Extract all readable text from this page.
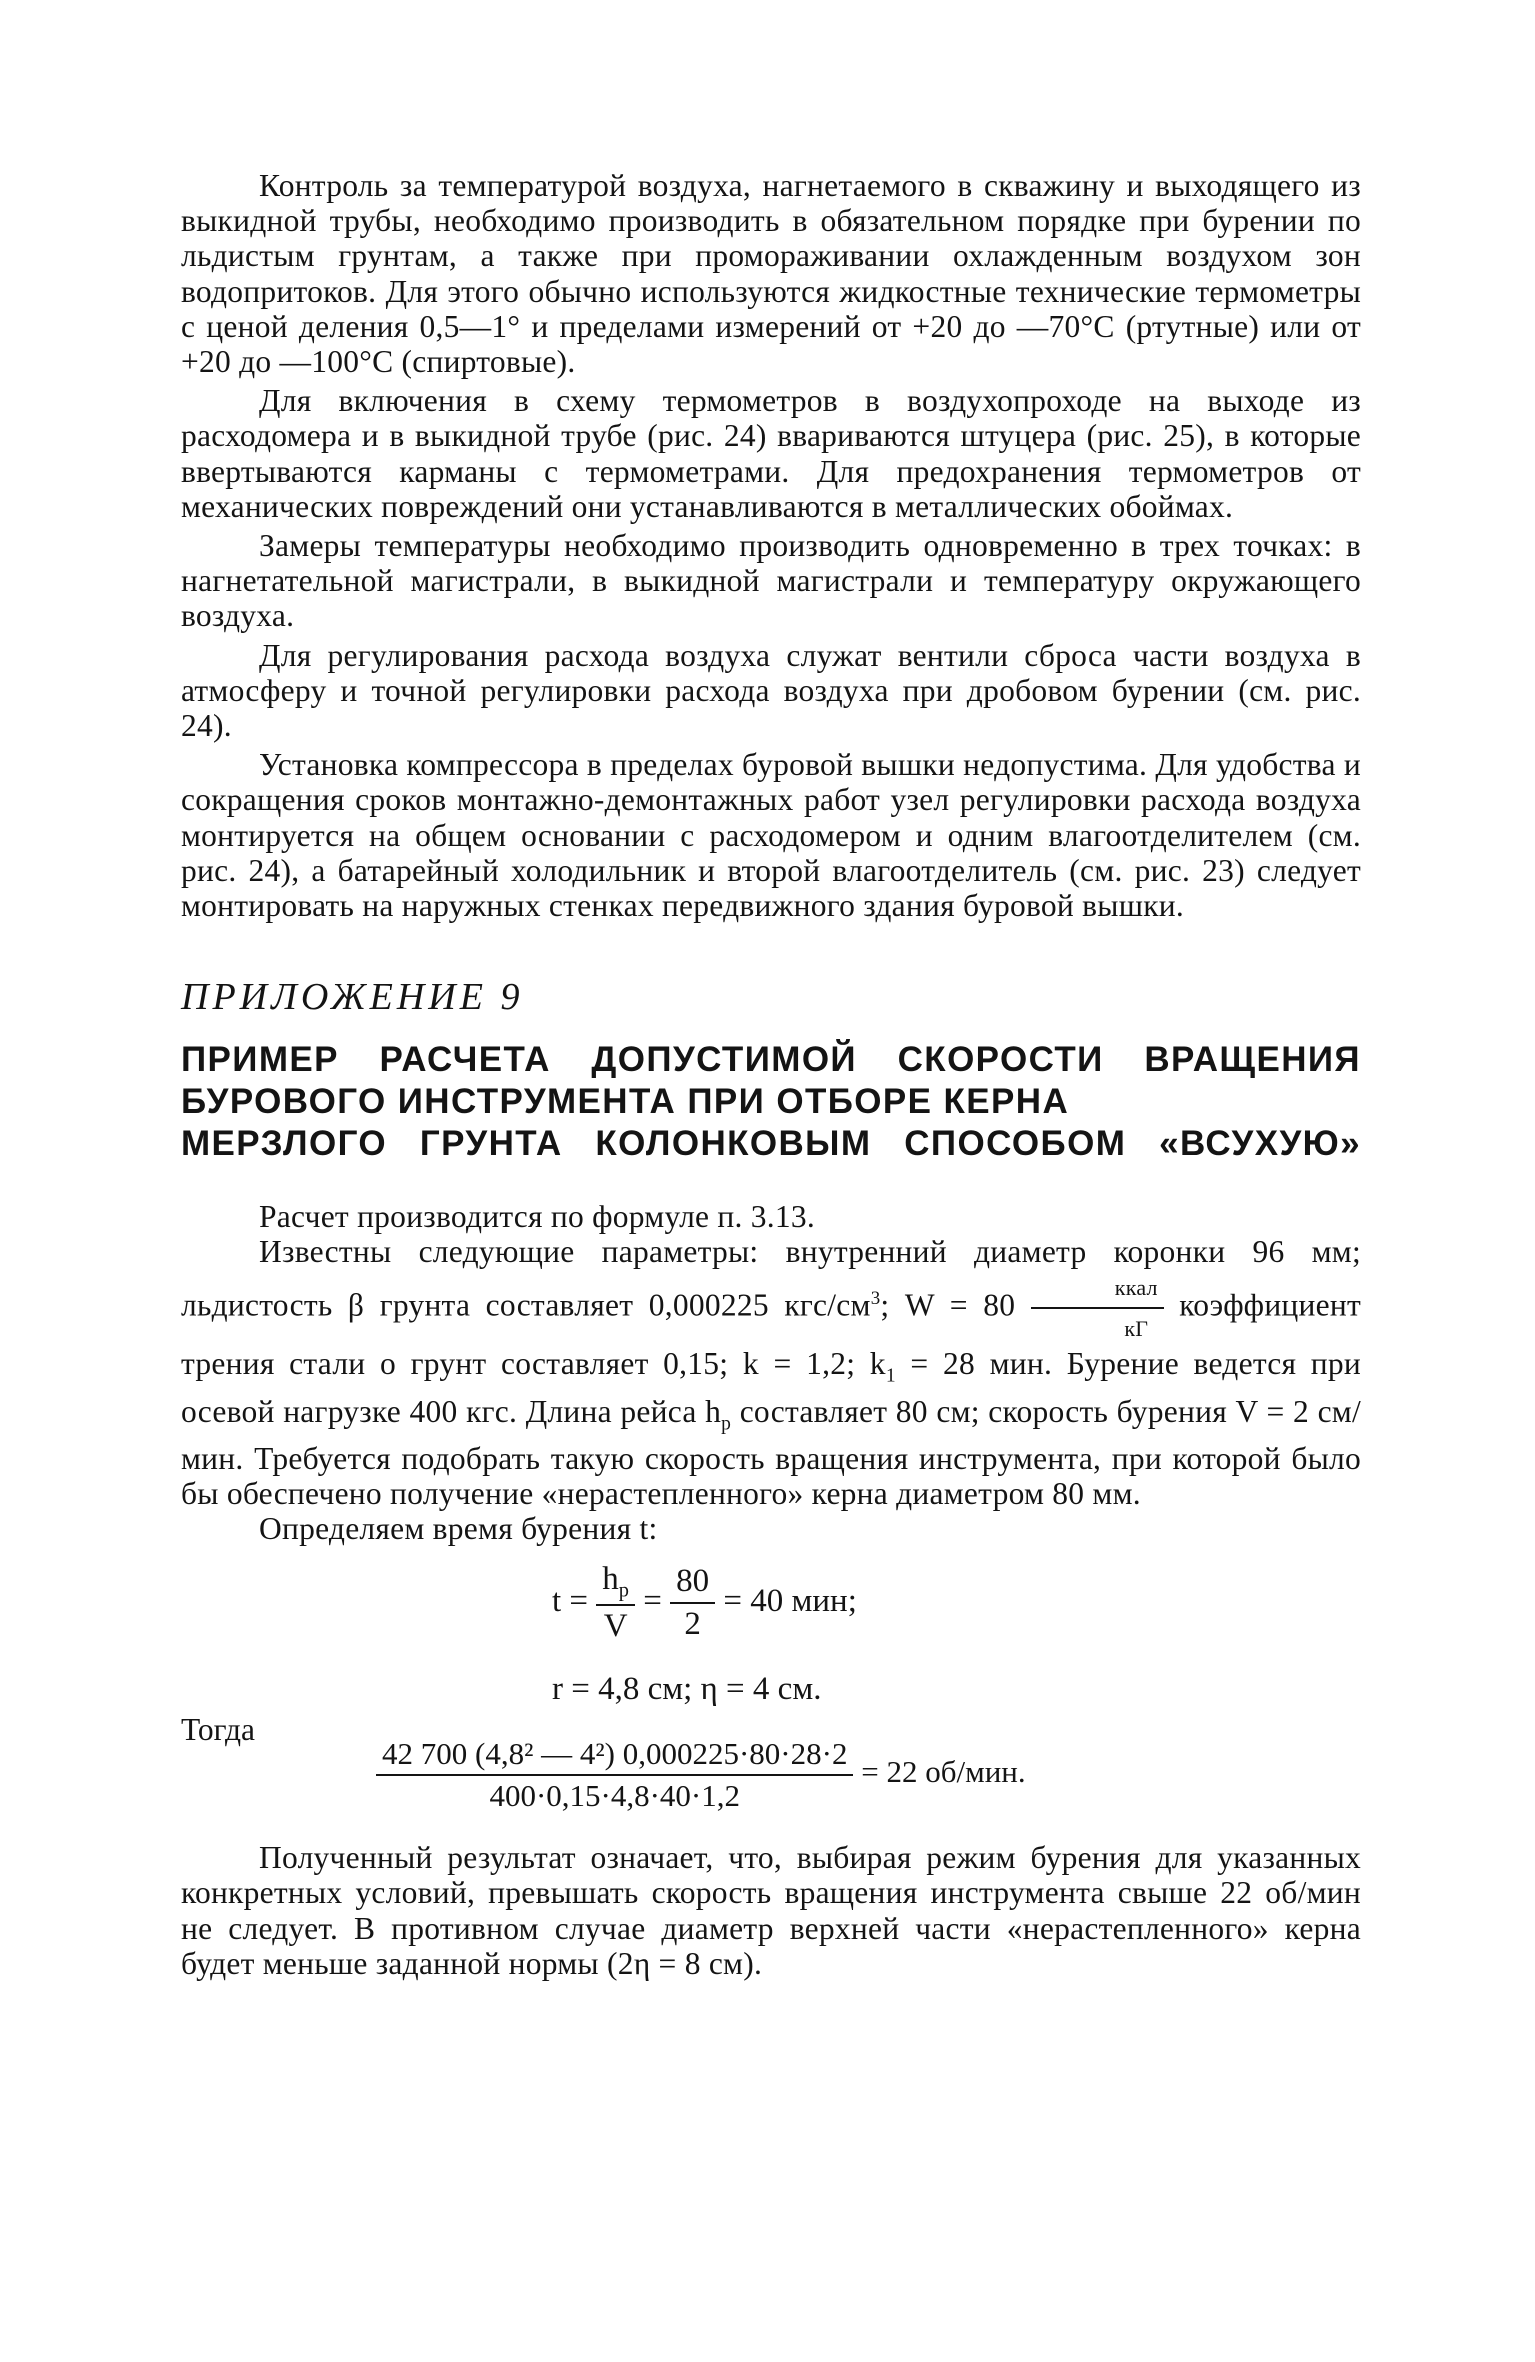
Контроль за температурой воздуха, нагнетаемого в скважину и выходящего из выкидной трубы, необходимо производить в обязательном порядке при бурении по льдистым грунтам, а также при промораживании охлажденным воздухом зон водопритоков. Для этого обычно используются жидкостные технические термометры с ценой деления 0,5—1° и пределами измерений от +20 до —70°С (ртутные) или от +20 до —100°С (спиртовые).

Для включения в схему термометров в воздухопроходе на выходе из расходомера и в выкидной трубе (рис. 24) ввариваются штуцера (рис. 25), в которые ввертываются карманы с термометрами. Для предохранения термометров от механических повреждений они устанавливаются в металлических обоймах.

Замеры температуры необходимо производить одновременно в трех точках: в нагнетательной магистрали, в выкидной магистрали и температуру окружающего воздуха.

Для регулирования расхода воздуха служат вентили сброса части воздуха в атмосферу и точной регулировки расхода воздуха при дробовом бурении (см. рис. 24).

Установка компрессора в пределах буровой вышки недопустима. Для удобства и сокращения сроков монтажно-демонтажных работ узел регулировки расхода воздуха монтируется на общем основании с расходомером и одним влагоотделителем (см. рис. 24), а батарейный холодильник и второй влагоотделитель (см. рис. 23) следует монтировать на наружных стенках передвижного здания буровой вышки.

ПРИЛОЖЕНИЕ 9
ПРИМЕР РАСЧЕТА ДОПУСТИМОЙ СКОРОСТИ ВРАЩЕНИЯ
БУРОВОГО ИНСТРУМЕНТА ПРИ ОТБОРЕ КЕРНА
МЕРЗЛОГО ГРУНТА КОЛОНКОВЫМ СПОСОБОМ «ВСУХУЮ»

Расчет производится по формуле п. 3.13.

Известны следующие параметры: внутренний диаметр коронки 96 мм; льдистость β грунта составляет 0,000225 кгс/$см^3$; $W = 80 \frac{\text{ккал}}{кГ}$ коэффициент трения стали о грунт составляет 0,15; k = 1,2; $k_1 = 28$ мин. Бурение ведется при осевой нагрузке 400 кгс. Длина рейса $h_р$ составляет 80 см; скорость бурения V = 2 см/мин. Требуется подобрать такую скорость вращения инструмента, при которой было бы обеспечено получение «нерастепленного» керна диаметром 80 мм.

Определяем время бурения t:

$t = \frac{h_р}{V} = \frac{80}{2} = 40$ мин;
r = 4,8 см; η = 4 см.
Тогда
$\frac{\text{42 700 (4,8² — 4²) 0,000225·80·28·2}}{400\cdot 0,15\cdot 4,8\cdot 40\cdot 1,2} = 22$ об/мин.

Полученный результат означает, что, выбирая режим бурения для указанных конкретных условий, превышать скорость вращения инструмента свыше 22 об/мин не следует. В противном случае диаметр верхней части «нерастепленного» керна будет меньше заданной нормы (2η = 8 см).
